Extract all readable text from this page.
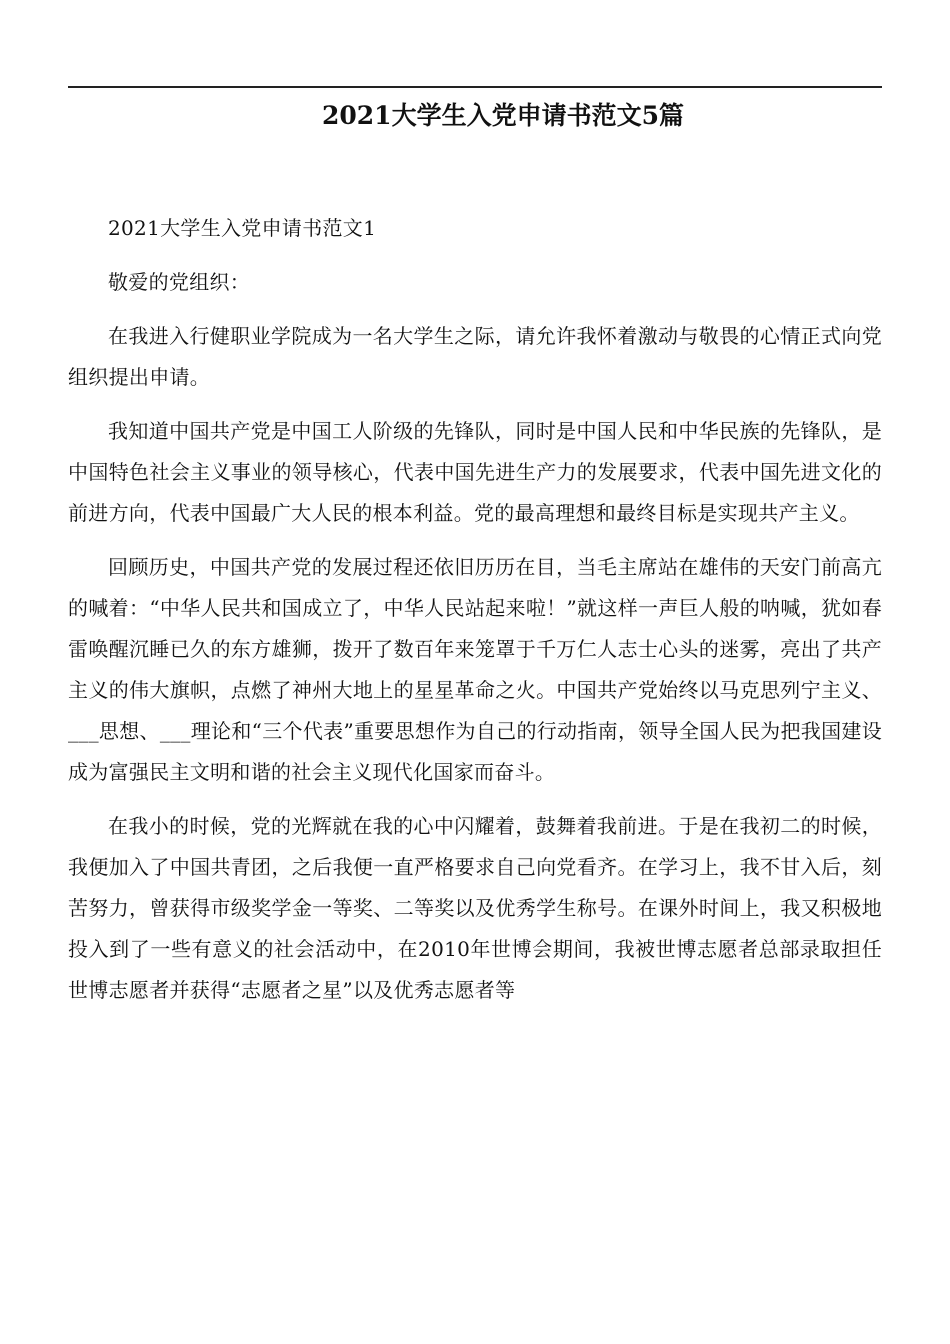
2021大学生入党申请书范文5篇

2021大学生入党申请书范文1

敬爱的党组织：

在我进入行健职业学院成为一名大学生之际，请允许我怀着激动与敬畏的心情正式向党组织提出申请。

我知道中国共产党是中国工人阶级的先锋队，同时是中国人民和中华民族的先锋队，是中国特色社会主义事业的领导核心，代表中国先进生产力的发展要求，代表中国先进文化的前进方向，代表中国最广大人民的根本利益。党的最高理想和最终目标是实现共产主义。

回顾历史，中国共产党的发展过程还依旧历历在目，当毛主席站在雄伟的天安门前高亢的喊着：“中华人民共和国成立了，中华人民站起来啦！”就这样一声巨人般的呐喊，犹如春雷唤醒沉睡已久的东方雄狮，拨开了数百年来笼罩于千万仁人志士心头的迷雾，亮出了共产主义的伟大旗帜，点燃了神州大地上的星星革命之火。中国共产党始终以马克思列宁主义、___思想、___理论和“三个代表”重要思想作为自己的行动指南，领导全国人民为把我国建设成为富强民主文明和谐的社会主义现代化国家而奋斗。

在我小的时候，党的光辉就在我的心中闪耀着，鼓舞着我前进。于是在我初二的时候，我便加入了中国共青团，之后我便一直严格要求自己向党看齐。在学习上，我不甘入后，刻苦努力，曾获得市级奖学金一等奖、二等奖以及优秀学生称号。在课外时间上，我又积极地投入到了一些有意义的社会活动中，在2010年世博会期间，我被世博志愿者总部录取担任世博志愿者并获得“志愿者之星”以及优秀志愿者等
